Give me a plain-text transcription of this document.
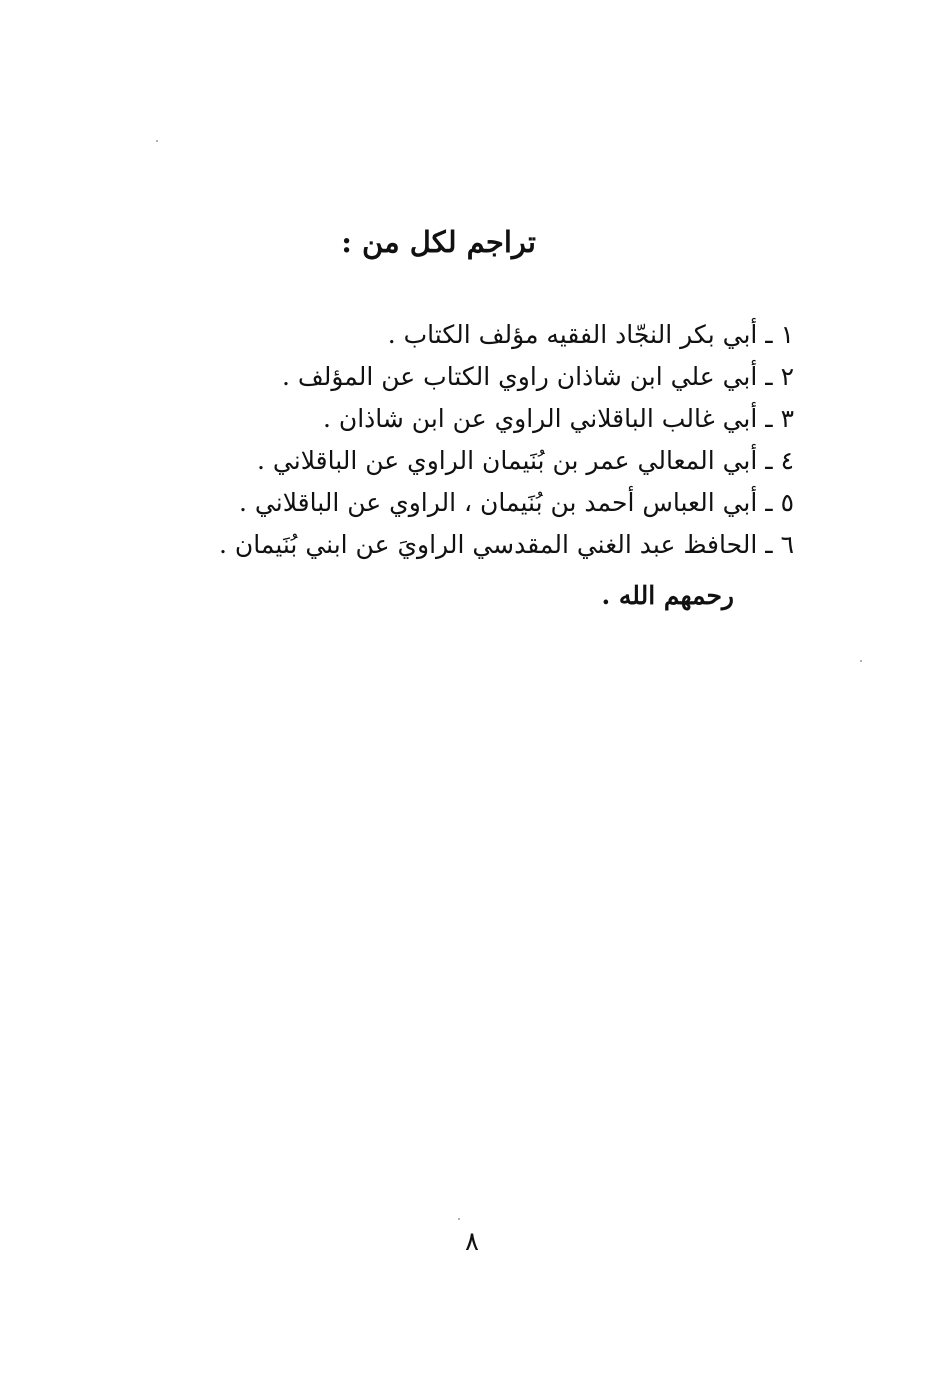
تراجم لكل من :
١ ـ أبي بكر النجّاد الفقيه مؤلف الكتاب .
٢ ـ أبي علي ابن شاذان راوي الكتاب عن المؤلف .
٣ ـ أبي غالب الباقلاني الراوي عن ابن شاذان .
٤ ـ أبي المعالي عمر بن بُنَيمان الراوي عن الباقلاني .
٥ ـ أبي العباس أحمد بن بُنَيمان ، الراوي عن الباقلاني .
٦ ـ الحافظ عبد الغني المقدسي الراويَ عن ابني بُنَيمان .
رحمهم الله .
٨
